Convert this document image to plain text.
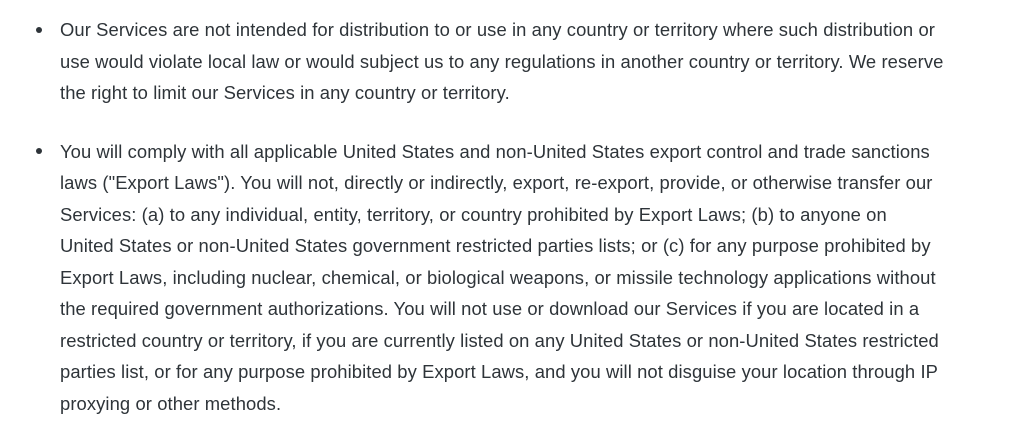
Our Services are not intended for distribution to or use in any country or territory where such distribution or use would violate local law or would subject us to any regulations in another country or territory. We reserve the right to limit our Services in any country or territory.
You will comply with all applicable United States and non-United States export control and trade sanctions laws ("Export Laws"). You will not, directly or indirectly, export, re-export, provide, or otherwise transfer our Services: (a) to any individual, entity, territory, or country prohibited by Export Laws; (b) to anyone on United States or non-United States government restricted parties lists; or (c) for any purpose prohibited by Export Laws, including nuclear, chemical, or biological weapons, or missile technology applications without the required government authorizations. You will not use or download our Services if you are located in a restricted country or territory, if you are currently listed on any United States or non-United States restricted parties list, or for any purpose prohibited by Export Laws, and you will not disguise your location through IP proxying or other methods.
